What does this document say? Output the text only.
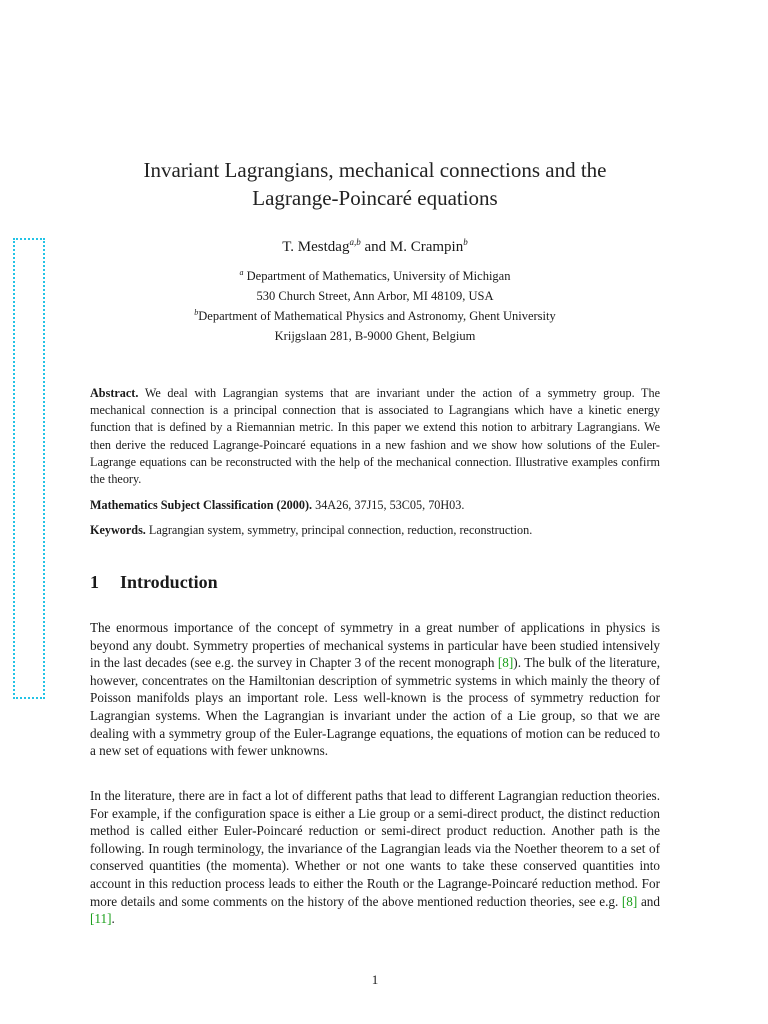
Invariant Lagrangians, mechanical connections and the
Lagrange-Poincaré equations
T. Mestdag$^{a,b}$ and M. Crampin$^b$
$^a$ Department of Mathematics, University of Michigan
530 Church Street, Ann Arbor, MI 48109, USA
$^b$Department of Mathematical Physics and Astronomy, Ghent University
Krijgslaan 281, B-9000 Ghent, Belgium
Abstract. We deal with Lagrangian systems that are invariant under the action of a symmetry group. The mechanical connection is a principal connection that is associated to Lagrangians which have a kinetic energy function that is defined by a Riemannian metric. In this paper we extend this notion to arbitrary Lagrangians. We then derive the reduced Lagrange-Poincaré equations in a new fashion and we show how solutions of the Euler-Lagrange equations can be reconstructed with the help of the mechanical connection. Illustrative examples confirm the theory.
Mathematics Subject Classification (2000). 34A26, 37J15, 53C05, 70H03.
Keywords. Lagrangian system, symmetry, principal connection, reduction, reconstruction.
1 Introduction
The enormous importance of the concept of symmetry in a great number of applications in physics is beyond any doubt. Symmetry properties of mechanical systems in particular have been studied intensively in the last decades (see e.g. the survey in Chapter 3 of the recent monograph [8]). The bulk of the literature, however, concentrates on the Hamiltonian description of symmetric systems in which mainly the theory of Poisson manifolds plays an important role. Less well-known is the process of symmetry reduction for Lagrangian systems. When the Lagrangian is invariant under the action of a Lie group, so that we are dealing with a symmetry group of the Euler-Lagrange equations, the equations of motion can be reduced to a new set of equations with fewer unknowns.
In the literature, there are in fact a lot of different paths that lead to different Lagrangian reduction theories. For example, if the configuration space is either a Lie group or a semi-direct product, the distinct reduction method is called either Euler-Poincaré reduction or semi-direct product reduction. Another path is the following. In rough terminology, the invariance of the Lagrangian leads via the Noether theorem to a set of conserved quantities (the momenta). Whether or not one wants to take these conserved quantities into account in this reduction process leads to either the Routh or the Lagrange-Poincaré reduction method. For more details and some comments on the history of the above mentioned reduction theories, see e.g. [8] and [11].
1
